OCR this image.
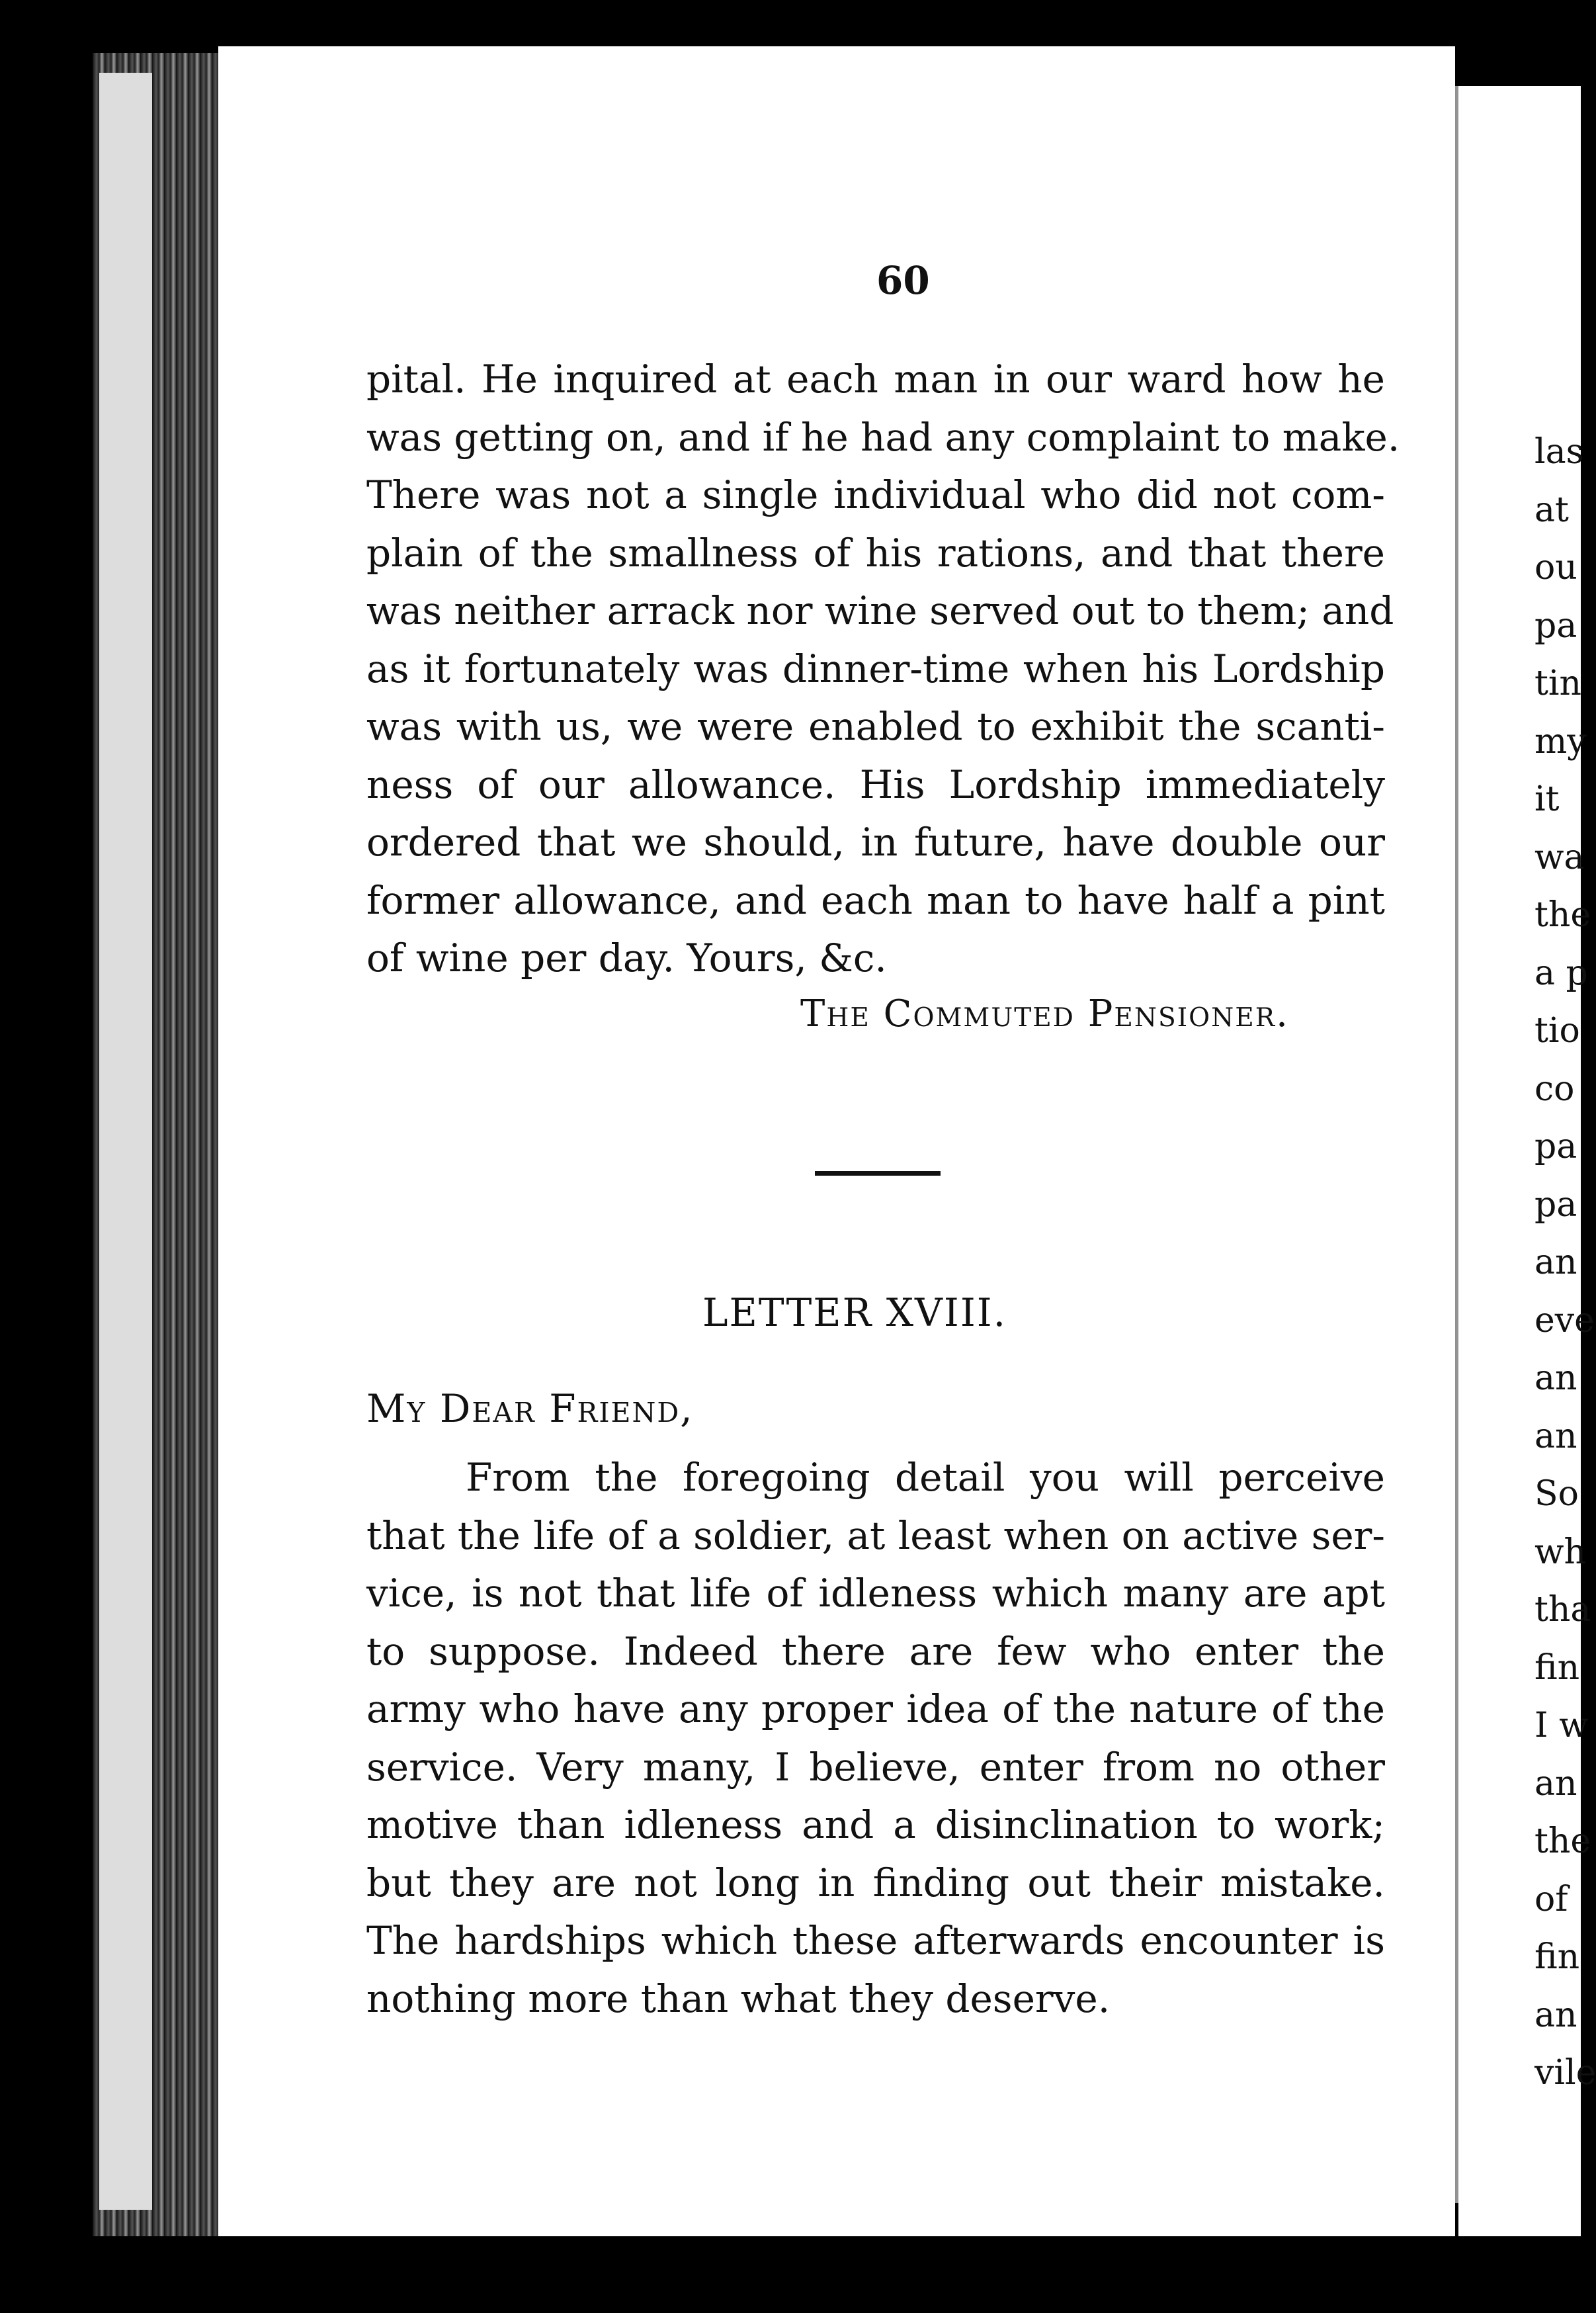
las
at
ou
pa
tin
my
it
wa
the
a p
tio
co
pa
pa
an
eve
an
an
So
wh
tha
fin
I w
an
the
of
fin
an
vile
60
pital. He inquired at each man in our ward how he
was getting on, and if he had any complaint to make.
There was not a single individual who did not com-
plain of the smallness of his rations, and that there
was neither arrack nor wine served out to them; and
as it fortunately was dinner-time when his Lordship
was with us, we were enabled to exhibit the scanti-
ness of our allowance. His Lordship immediately
ordered that we should, in future, have double our
former allowance, and each man to have half a pint
of wine per day. Yours, &c.
The Commuted Pensioner.
LETTER XVIII.
My Dear Friend,
From the foregoing detail you will perceive
that the life of a soldier, at least when on active ser-
vice, is not that life of idleness which many are apt
to suppose. Indeed there are few who enter the
army who have any proper idea of the nature of the
service. Very many, I believe, enter from no other
motive than idleness and a disinclination to work;
but they are not long in finding out their mistake.
The hardships which these afterwards encounter is
nothing more than what they deserve.
